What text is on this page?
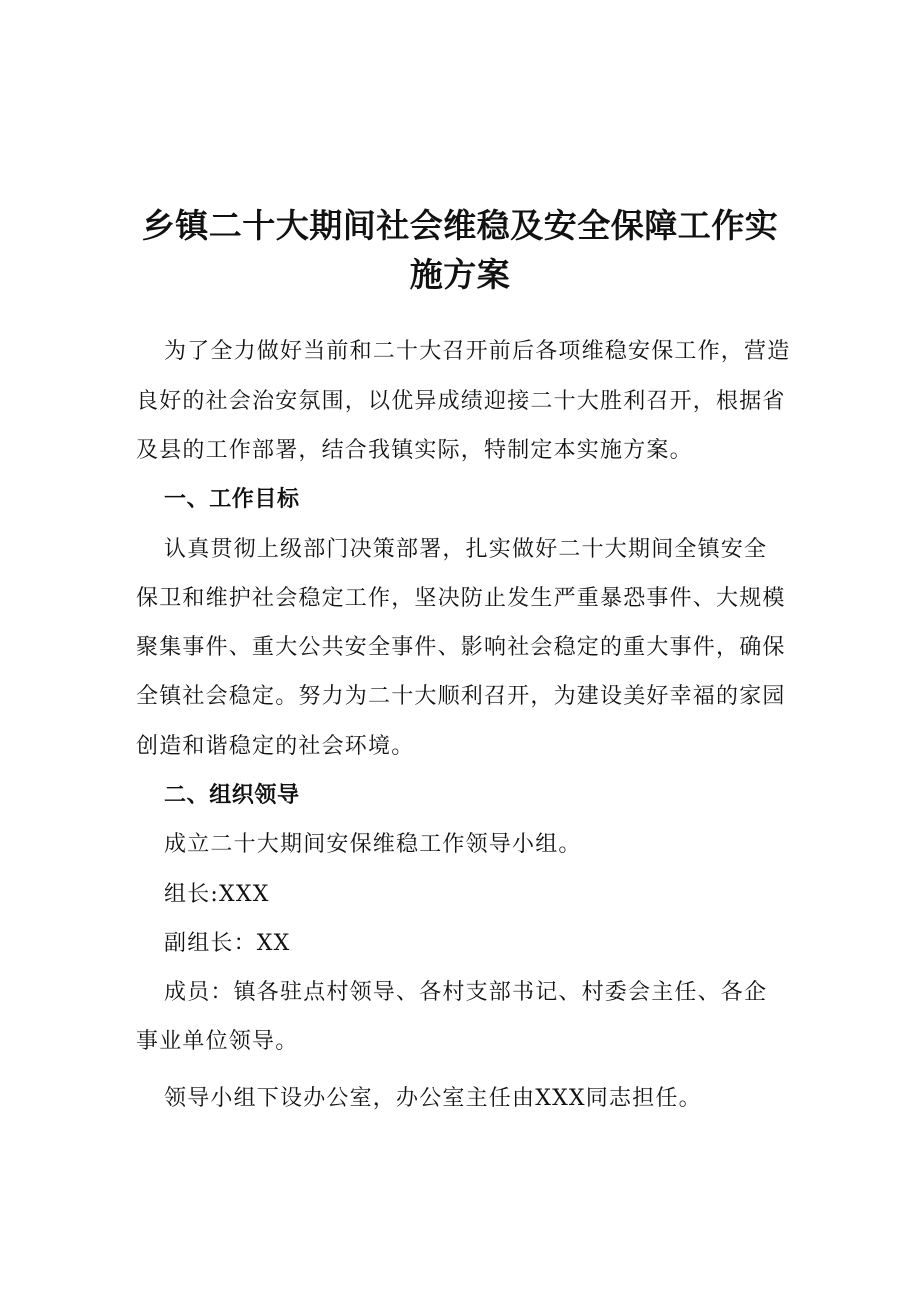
乡镇二十大期间社会维稳及安全保障工作实
施方案

为了全力做好当前和二十大召开前后各项维稳安保工作，营造

良好的社会治安氛围，以优异成绩迎接二十大胜利召开，根据省

及县的工作部署，结合我镇实际，特制定本实施方案。

一、工作目标

认真贯彻上级部门决策部署，扎实做好二十大期间全镇安全

保卫和维护社会稳定工作，坚决防止发生严重暴恐事件、大规模

聚集事件、重大公共安全事件、影响社会稳定的重大事件，确保

全镇社会稳定。努力为二十大顺利召开，为建设美好幸福的家园

创造和谐稳定的社会环境。

二、组织领导

成立二十大期间安保维稳工作领导小组。

组长:XXX

副组长：XX

成员：镇各驻点村领导、各村支部书记、村委会主任、各企

事业单位领导。

领导小组下设办公室，办公室主任由XXX同志担任。
